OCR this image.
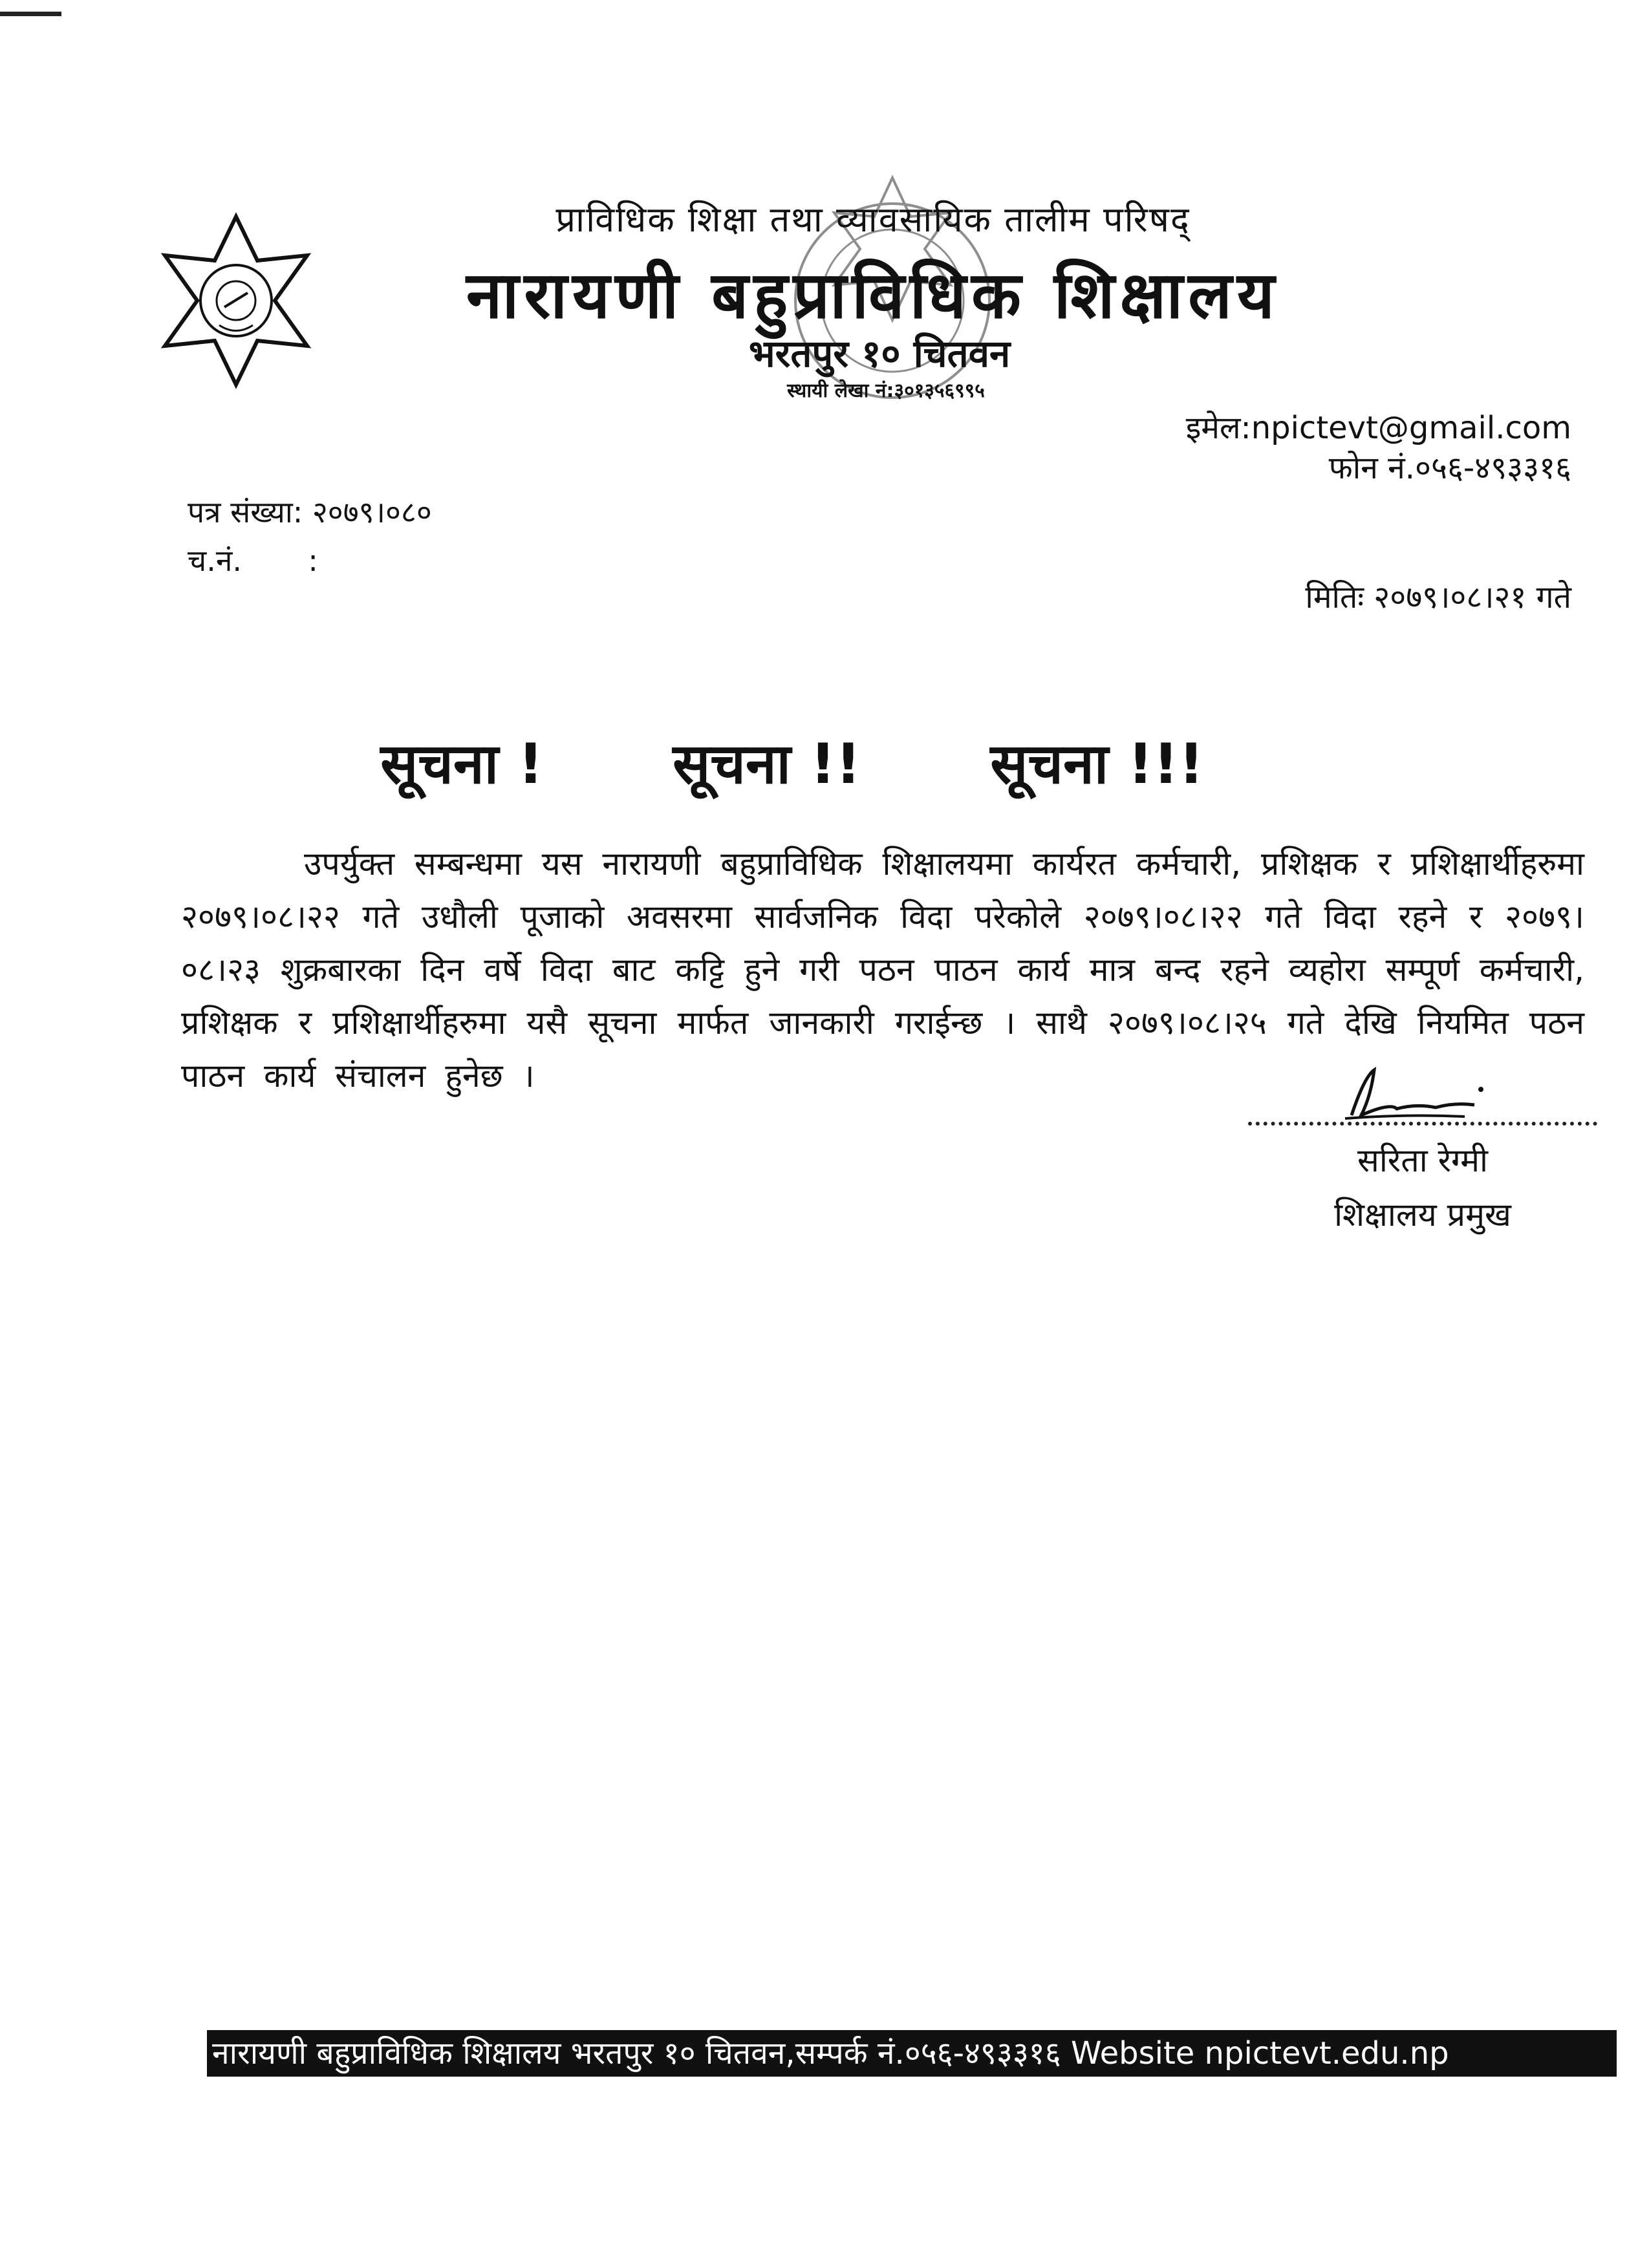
प्राविधिक शिक्षा तथा व्यावसायिक तालीम परिषद्
नारायणी बहुप्राविधिक शिक्षालय
भरतपुर १० चितवन
स्थायी लेखा नं:३०१३५६९९५
इमेल:npictevt@gmail.com
फोन नं.०५६-४९३३१६
पत्र संख्या: २०७९।०८०
च.नं.       :
मितिः २०७९।०८।२१ गते
सूचना ! सूचना !! सूचना !!!
उपर्युक्त सम्बन्धमा यस नारायणी बहुप्राविधिक शिक्षालयमा कार्यरत कर्मचारी, प्रशिक्षक र प्रशिक्षार्थीहरुमा २०७९।०८।२२ गते उधौली पूजाको अवसरमा सार्वजनिक विदा परेकोले २०७९।०८।२२ गते विदा रहने र २०७९।०८।२३ शुक्रबारका दिन वर्षे विदा बाट कट्टि हुने गरी पठन पाठन कार्य मात्र बन्द रहने व्यहोरा सम्पूर्ण कर्मचारी, प्रशिक्षक र प्रशिक्षार्थीहरुमा यसै सूचना मार्फत जानकारी गराईन्छ । साथै २०७९।०८।२५ गते देखि नियमित पठन पाठन कार्य संचालन हुनेछ ।
सरिता रेग्मी
शिक्षालय प्रमुख
नारायणी बहुप्राविधिक शिक्षालय भरतपुर १० चितवन,सम्पर्क नं.०५६-४९३३१६ Website npictevt.edu.np
